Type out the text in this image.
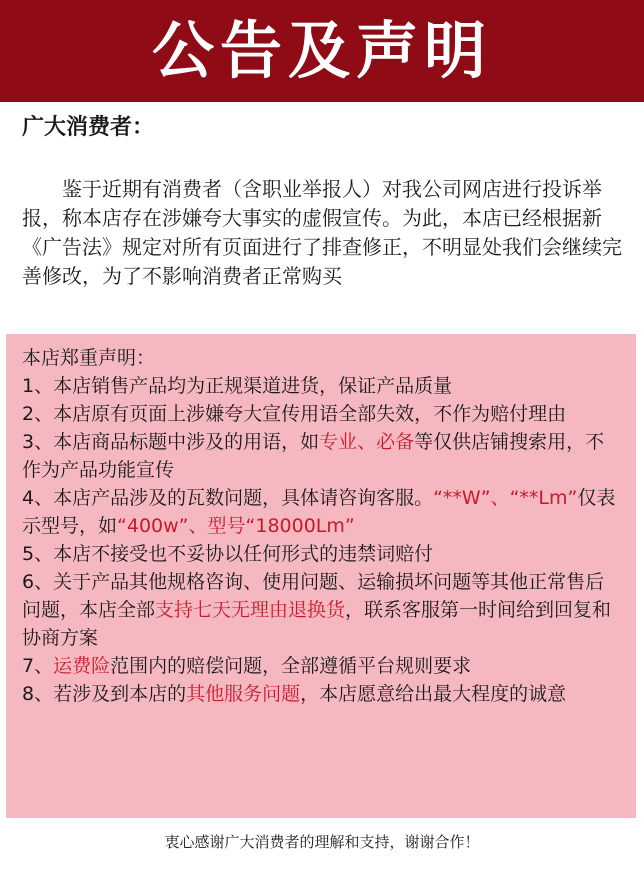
公告及声明

广大消费者：

鉴于近期有消费者（含职业举报人）对我公司网店进行投诉举报，称本店存在涉嫌夸大事实的虚假宣传。为此，本店已经根据新《广告法》规定对所有页面进行了排查修正，不明显处我们会继续完善修改，为了不影响消费者正常购买

本店郑重声明：

1、本店销售产品均为正规渠道进货，保证产品质量
2、本店原有页面上涉嫌夸大宣传用语全部失效，不作为赔付理由
3、本店商品标题中涉及的用语，如专业、必备等仅供店铺搜索用，不作为产品功能宣传
4、本店产品涉及的瓦数问题，具体请咨询客服。“**W”、“**Lm”仅表示型号，如“400w”、型号“18000Lm”
5、本店不接受也不妥协以任何形式的违禁词赔付
6、关于产品其他规格咨询、使用问题、运输损坏问题等其他正常售后问题，本店全部支持七天无理由退换货，联系客服第一时间给到回复和协商方案
7、运费险范围内的赔偿问题，全部遵循平台规则要求
8、若涉及到本店的其他服务问题，本店愿意给出最大程度的诚意

衷心感谢广大消费者的理解和支持，谢谢合作！
